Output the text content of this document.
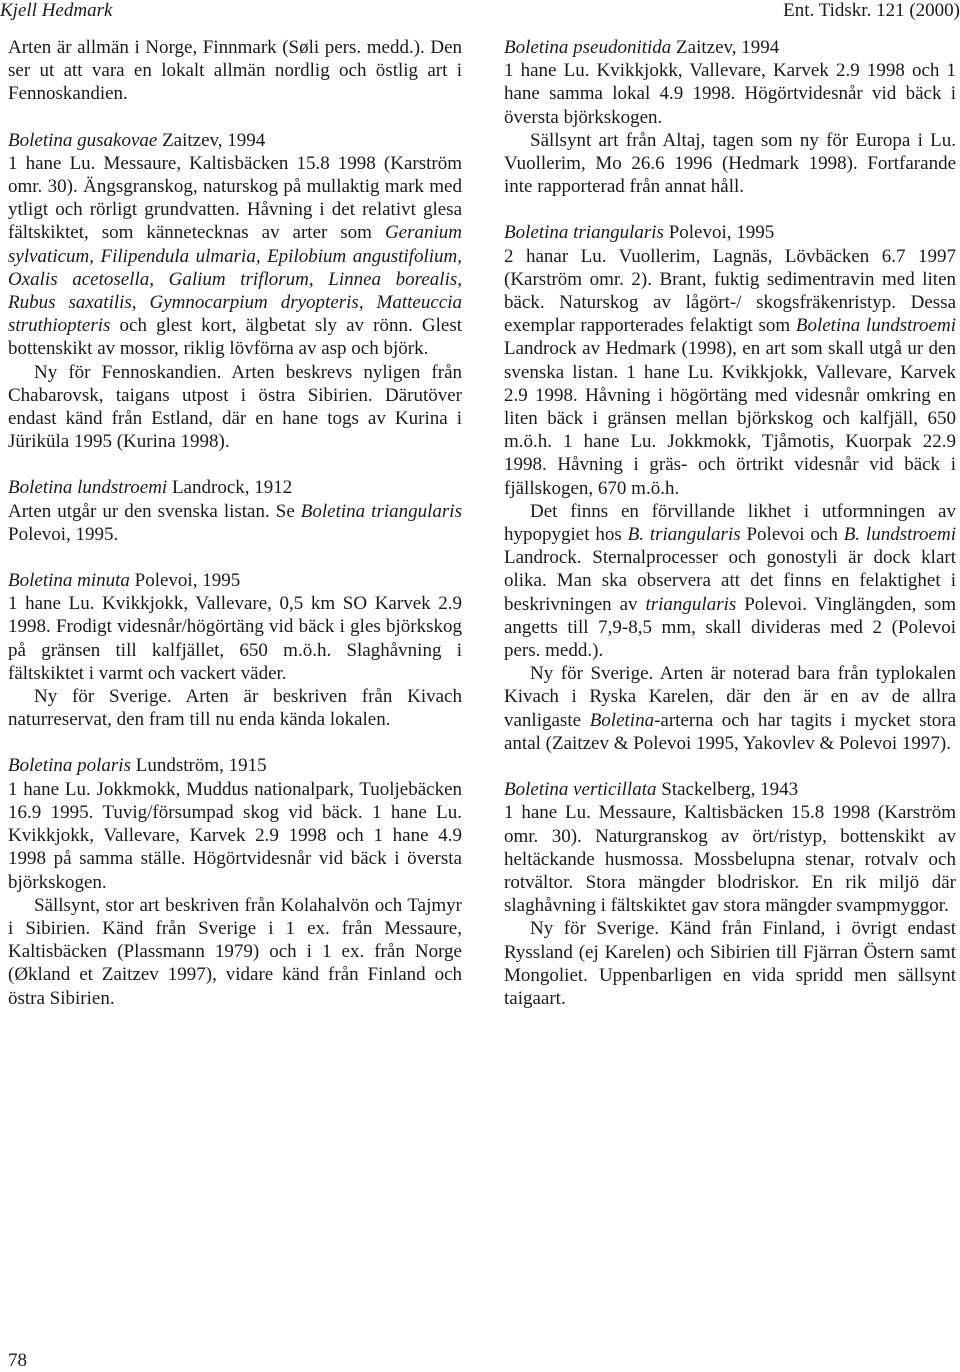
Kjell Hedmark	Ent. Tidskr. 121 (2000)

Arten är allmän i Norge, Finnmark (Søli pers. medd.). Den ser ut att vara en lokalt allmän nordlig och östlig art i Fennoskandien.

Boletina gusakovae Zaitzev, 1994

1 hane Lu. Messaure, Kaltisbäcken 15.8 1998 (Karström omr. 30). Ängsgranskog, naturskog på mullaktig mark med ytligt och rörligt grundvatten. Håvning i det relativt glesa fältskiktet, som kännetecknas av arter som Geranium sylvaticum, Filipendula ulmaria, Epilobium angustifolium, Oxalis acetosella, Galium triflorum, Linnea borealis, Rubus saxatilis, Gymnocarpium dryopteris, Matteuccia struthiopteris och glest kort, älgbetat sly av rönn. Glest bottenskikt av mossor, riklig lövförna av asp och björk.

Ny för Fennoskandien. Arten beskrevs nyligen från Chabarovsk, taigans utpost i östra Sibirien. Därutöver endast känd från Estland, där en hane togs av Kurina i Jüriküla 1995 (Kurina 1998).

Boletina lundstroemi Landrock, 1912

Arten utgår ur den svenska listan. Se Boletina triangularis Polevoi, 1995.

Boletina minuta Polevoi, 1995

1 hane Lu. Kvikkjokk, Vallevare, 0,5 km SO Karvek 2.9 1998. Frodigt videsnår/högörtäng vid bäck i gles björkskog på gränsen till kalfjället, 650 m.ö.h. Slaghåvning i fältskiktet i varmt och vackert väder.

Ny för Sverige. Arten är beskriven från Kivach naturreservat, den fram till nu enda kända lokalen.

Boletina polaris Lundström, 1915

1 hane Lu. Jokkmokk, Muddus nationalpark, Tuoljebäcken 16.9 1995. Tuvig/försumpad skog vid bäck. 1 hane Lu. Kvikkjokk, Vallevare, Karvek 2.9 1998 och 1 hane 4.9 1998 på samma ställe. Högörtvidesnår vid bäck i översta björkskogen.

Sällsynt, stor art beskriven från Kolahalvön och Tajmyr i Sibirien. Känd från Sverige i 1 ex. från Messaure, Kaltisbäcken (Plassmann 1979) och i 1 ex. från Norge (Økland et Zaitzev 1997), vidare känd från Finland och östra Sibirien.

Boletina pseudonitida Zaitzev, 1994

1 hane Lu. Kvikkjokk, Vallevare, Karvek 2.9 1998 och 1 hane samma lokal 4.9 1998. Högörtvidesnår vid bäck i översta björkskogen.

Sällsynt art från Altaj, tagen som ny för Europa i Lu. Vuollerim, Mo 26.6 1996 (Hedmark 1998). Fortfarande inte rapporterad från annat håll.

Boletina triangularis Polevoi, 1995

2 hanar Lu. Vuollerim, Lagnäs, Lövbäcken 6.7 1997 (Karström omr. 2). Brant, fuktig sedimentravin med liten bäck. Naturskog av lågört-/ skogsfräkenristyp. Dessa exemplar rapporterades felaktigt som Boletina lundstroemi Landrock av Hedmark (1998), en art som skall utgå ur den svenska listan. 1 hane Lu. Kvikkjokk, Vallevare, Karvek 2.9 1998. Håvning i högörtäng med videsnår omkring en liten bäck i gränsen mellan björkskog och kalfjäll, 650 m.ö.h. 1 hane Lu. Jokkmokk, Tjåmotis, Kuorpak 22.9 1998. Håvning i gräs- och örtrikt videsnår vid bäck i fjällskogen, 670 m.ö.h.

Det finns en förvillande likhet i utformningen av hypopygiet hos B. triangularis Polevoi och B. lundstroemi Landrock. Sternalprocesser och gonostyli är dock klart olika. Man ska observera att det finns en felaktighet i beskrivningen av triangularis Polevoi. Vinglängden, som angetts till 7,9-8,5 mm, skall divideras med 2 (Polevoi pers. medd.).

Ny för Sverige. Arten är noterad bara från typlokalen Kivach i Ryska Karelen, där den är en av de allra vanligaste Boletina-arterna och har tagits i mycket stora antal (Zaitzev & Polevoi 1995, Yakovlev & Polevoi 1997).

Boletina verticillata Stackelberg, 1943

1 hane Lu. Messaure, Kaltisbäcken 15.8 1998 (Karström omr. 30). Naturgranskog av ört/ristyp, bottenskikt av heltäckande husmossa. Mossbelupna stenar, rotvalv och rotvältor. Stora mängder blodriskor. En rik miljö där slaghåvning i fältskiktet gav stora mängder svampmyggor.

Ny för Sverige. Känd från Finland, i övrigt endast Ryssland (ej Karelen) och Sibirien till Fjärran Östern samt Mongoliet. Uppenbarligen en vida spridd men sällsynt taigaart.

78
